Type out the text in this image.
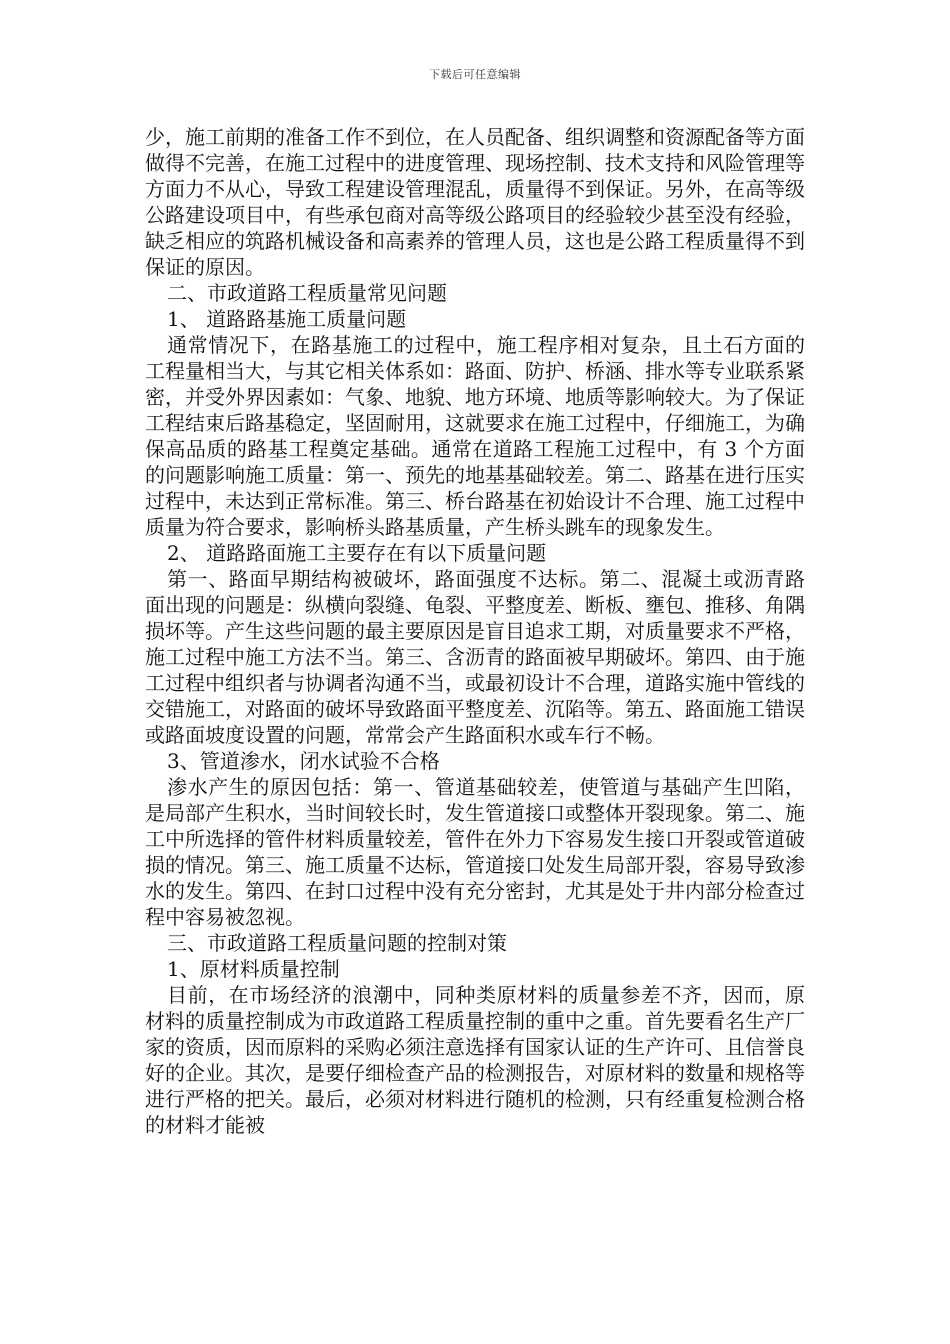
下载后可任意编辑

少，施工前期的准备工作不到位，在人员配备、组织调整和资源配备等方面做得不完善，在施工过程中的进度管理、现场控制、技术支持和风险管理等方面力不从心，导致工程建设管理混乱，质量得不到保证。另外，在高等级公路建设项目中，有些承包商对高等级公路项目的经验较少甚至没有经验，缺乏相应的筑路机械设备和高素养的管理人员，这也是公路工程质量得不到保证的原因。

二、市政道路工程质量常见问题

1、 道路路基施工质量问题

通常情况下，在路基施工的过程中，施工程序相对复杂，且土石方面的工程量相当大，与其它相关体系如：路面、防护、桥涵、排水等专业联系紧密，并受外界因素如：气象、地貌、地方环境、地质等影响较大。为了保证工程结束后路基稳定，坚固耐用，这就要求在施工过程中，仔细施工，为确保高品质的路基工程奠定基础。通常在道路工程施工过程中，有 3 个方面的问题影响施工质量：第一、预先的地基基础较差。第二、路基在进行压实过程中，未达到正常标准。第三、桥台路基在初始设计不合理、施工过程中质量为符合要求，影响桥头路基质量，产生桥头跳车的现象发生。

2、 道路路面施工主要存在有以下质量问题

第一、路面早期结构被破坏，路面强度不达标。第二、混凝土或沥青路面出现的问题是：纵横向裂缝、龟裂、平整度差、断板、壅包、推移、角隅损坏等。产生这些问题的最主要原因是盲目追求工期，对质量要求不严格，施工过程中施工方法不当。第三、含沥青的路面被早期破坏。第四、由于施工过程中组织者与协调者沟通不当，或最初设计不合理，道路实施中管线的交错施工，对路面的破坏导致路面平整度差、沉陷等。第五、路面施工错误或路面坡度设置的问题，常常会产生路面积水或车行不畅。

3、管道渗水，闭水试验不合格

渗水产生的原因包括：第一、管道基础较差，使管道与基础产生凹陷，是局部产生积水，当时间较长时，发生管道接口或整体开裂现象。第二、施工中所选择的管件材料质量较差，管件在外力下容易发生接口开裂或管道破损的情况。第三、施工质量不达标，管道接口处发生局部开裂，容易导致渗水的发生。第四、在封口过程中没有充分密封，尤其是处于井内部分检查过程中容易被忽视。

三、市政道路工程质量问题的控制对策

1、原材料质量控制

目前，在市场经济的浪潮中，同种类原材料的质量参差不齐，因而，原材料的质量控制成为市政道路工程质量控制的重中之重。首先要看名生产厂家的资质，因而原料的采购必须注意选择有国家认证的生产许可、且信誉良好的企业。其次，是要仔细检查产品的检测报告，对原材料的数量和规格等进行严格的把关。最后，必须对材料进行随机的检测，只有经重复检测合格的材料才能被
